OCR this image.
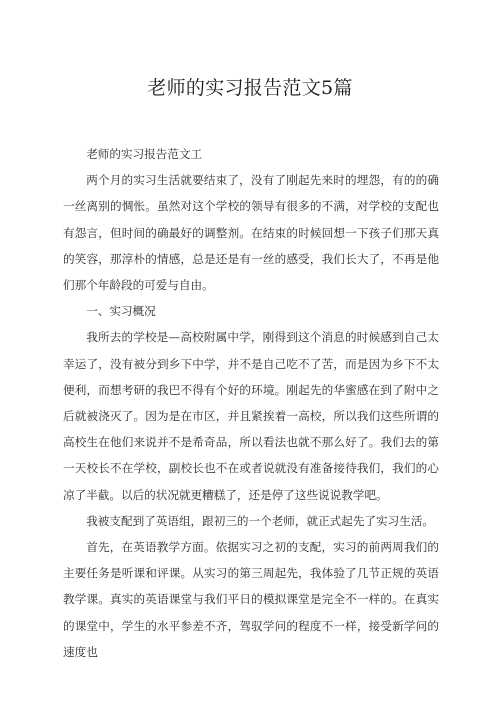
老师的实习报告范文5篇

老师的实习报告范文工

两个月的实习生活就要结束了，没有了刚起先来时的埋怨，有的的确一丝离别的惆怅。虽然对这个学校的领导有很多的不满，对学校的支配也有怨言，但时间的确最好的调整剂。在结束的时候回想一下孩子们那天真的笑容，那淳朴的情感，总是还是有一丝的感受，我们长大了，不再是他们那个年龄段的可爱与自由。

一、实习概况

我所去的学校是—高校附属中学，刚得到这个消息的时候感到自己太幸运了，没有被分到乡下中学，并不是自己吃不了苦，而是因为乡下不太便利，而想考研的我巴不得有个好的环境。刚起先的华蜜感在到了附中之后就被浇灭了。因为是在市区，并且紧挨着一高校，所以我们这些所谓的高校生在他们来说并不是希奇品，所以看法也就不那么好了。我们去的第一天校长不在学校，副校长也不在或者说就没有准备接待我们，我们的心凉了半截。以后的状况就更糟糕了，还是停了这些说说教学吧。

我被支配到了英语组，跟初三的一个老师，就正式起先了实习生活。

首先，在英语教学方面。依据实习之初的支配，实习的前两周我们的主要任务是听课和评课。从实习的第三周起先，我体验了几节正规的英语教学课。真实的英语课堂与我们平日的模拟课堂是完全不一样的。在真实的课堂中，学生的水平参差不齐，驾驭学问的程度不一样，接受新学问的速度也
